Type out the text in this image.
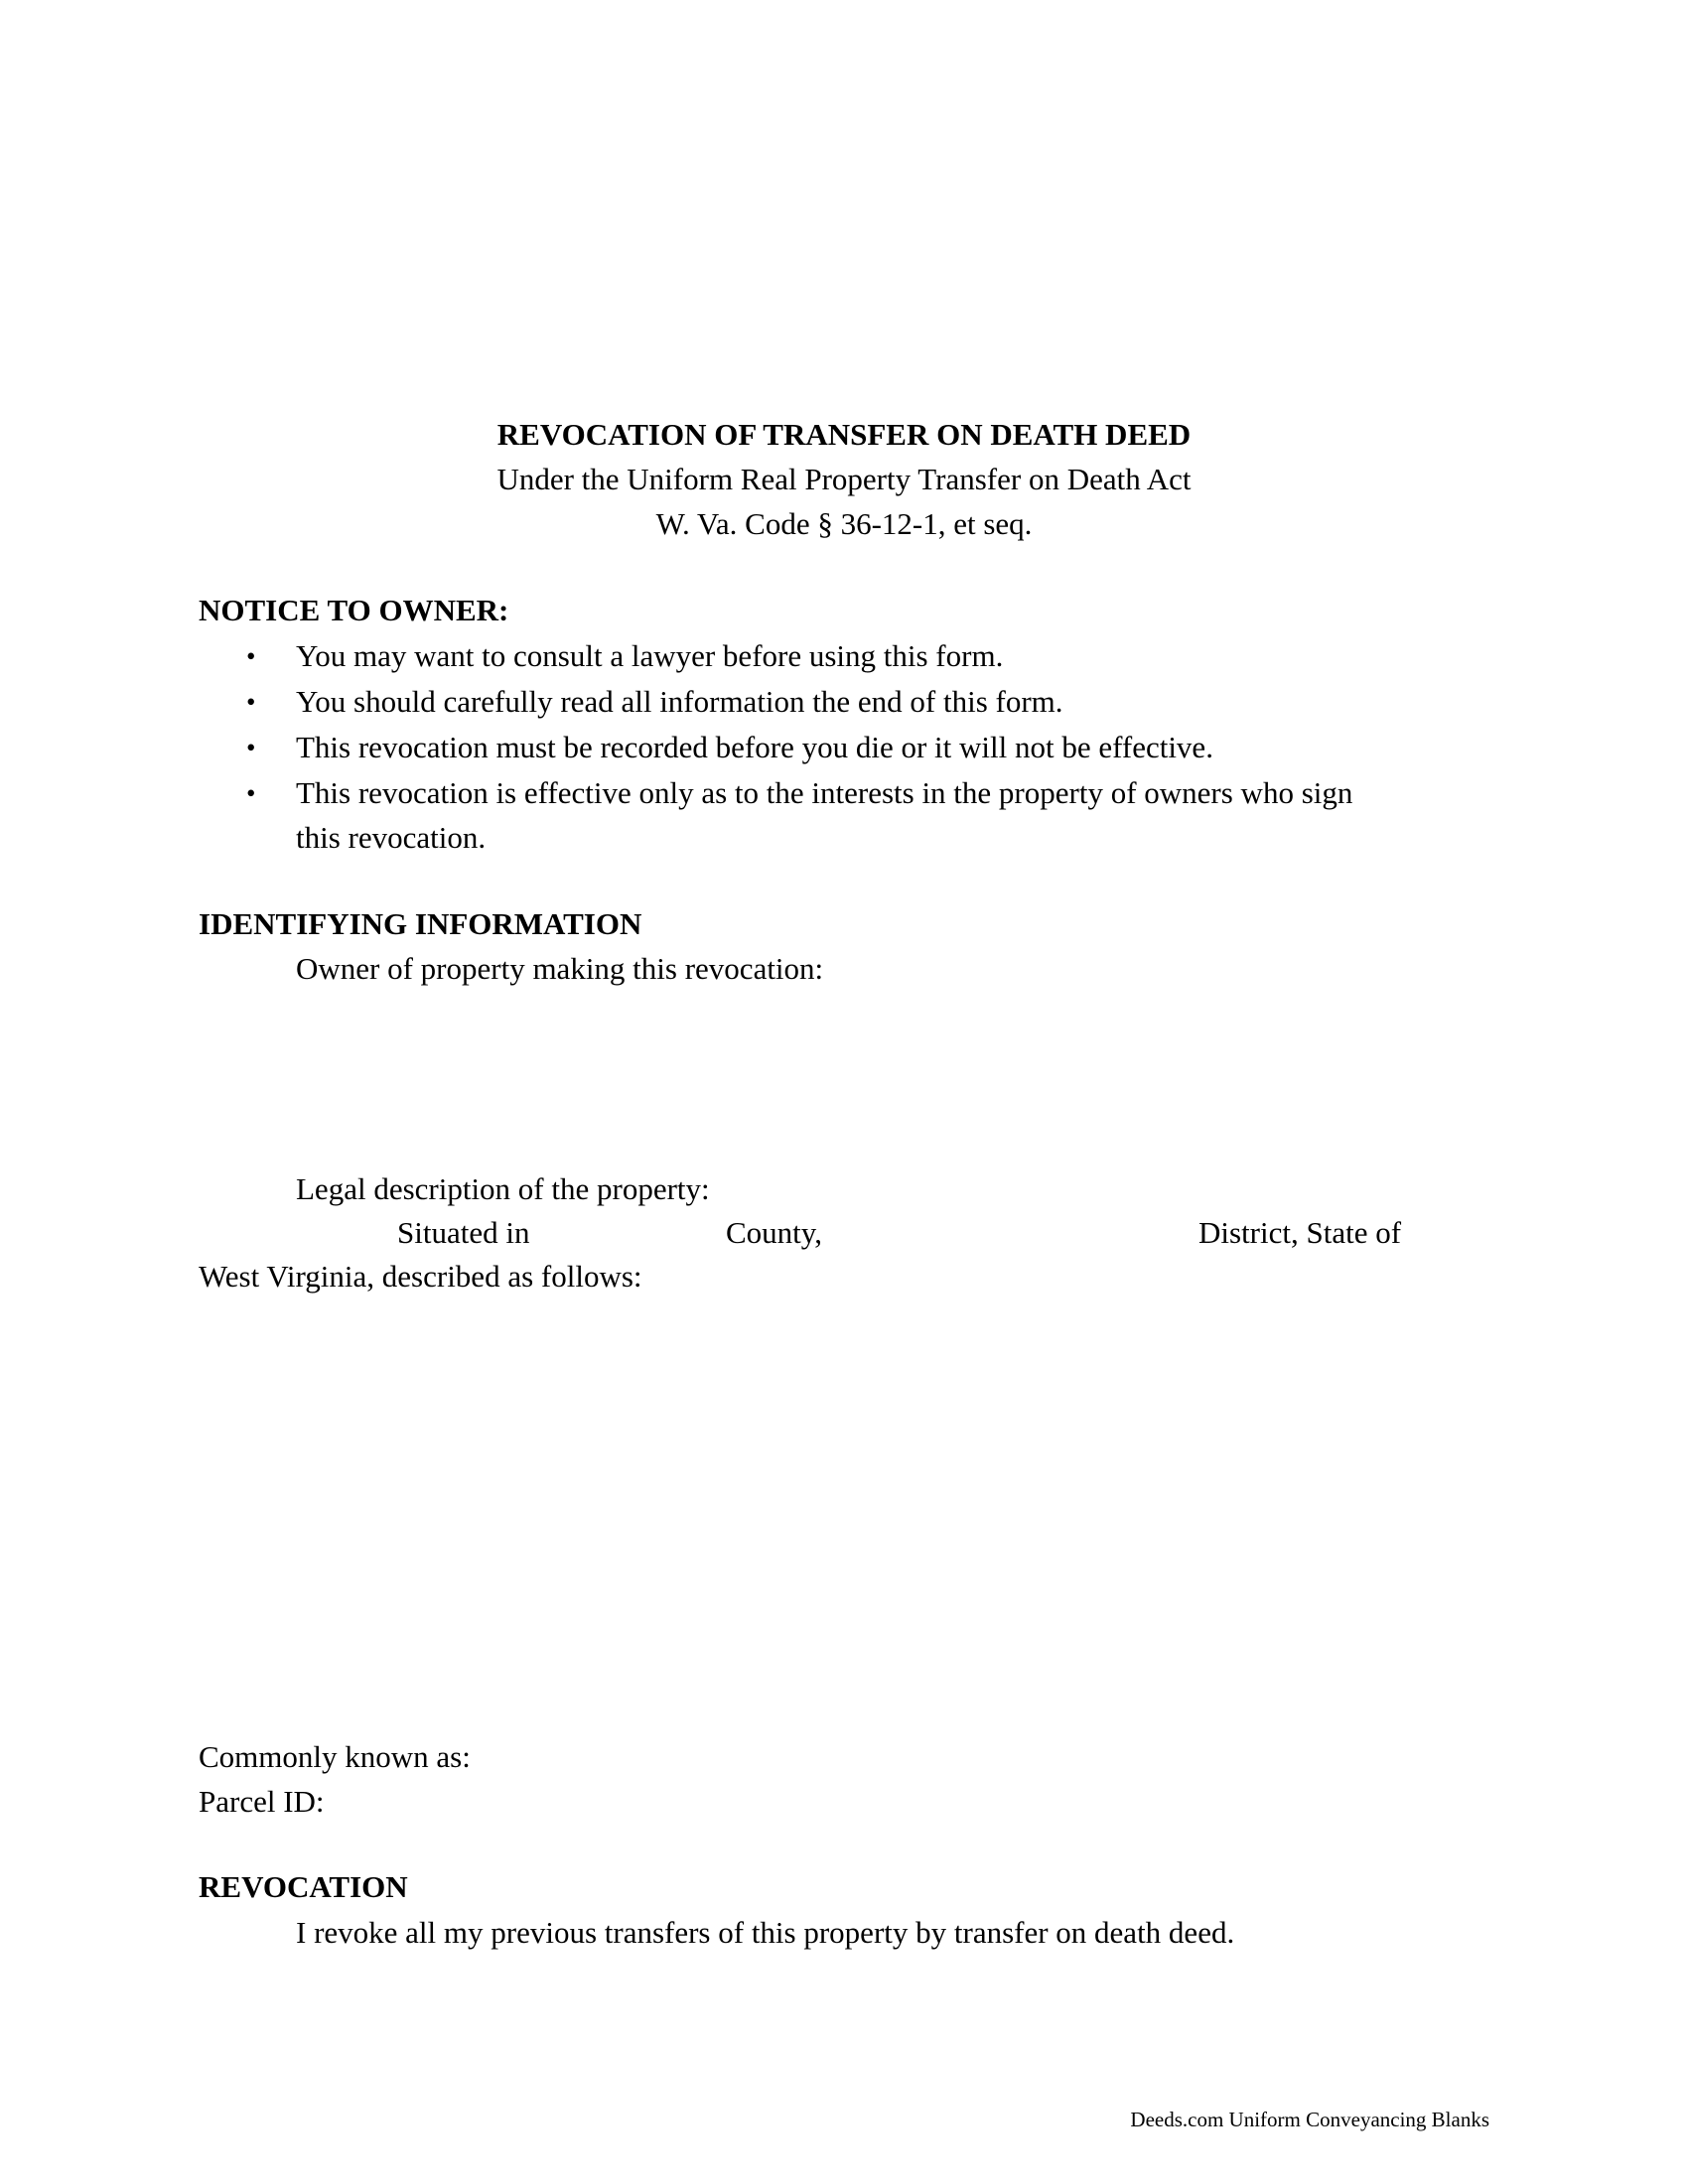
REVOCATION OF TRANSFER ON DEATH DEED
Under the Uniform Real Property Transfer on Death Act
W. Va. Code § 36-12-1, et seq.
NOTICE TO OWNER:
• You may want to consult a lawyer before using this form.
• You should carefully read all information the end of this form.
• This revocation must be recorded before you die or it will not be effective.
• This revocation is effective only as to the interests in the property of owners who sign
this revocation.
IDENTIFYING INFORMATION
Owner of property making this revocation:
Legal description of the property:
Situated in	County,	District, State of
West Virginia, described as follows:
Commonly known as:
Parcel ID:
REVOCATION
I revoke all my previous transfers of this property by transfer on death deed.
Deeds.com Uniform Conveyancing Blanks
